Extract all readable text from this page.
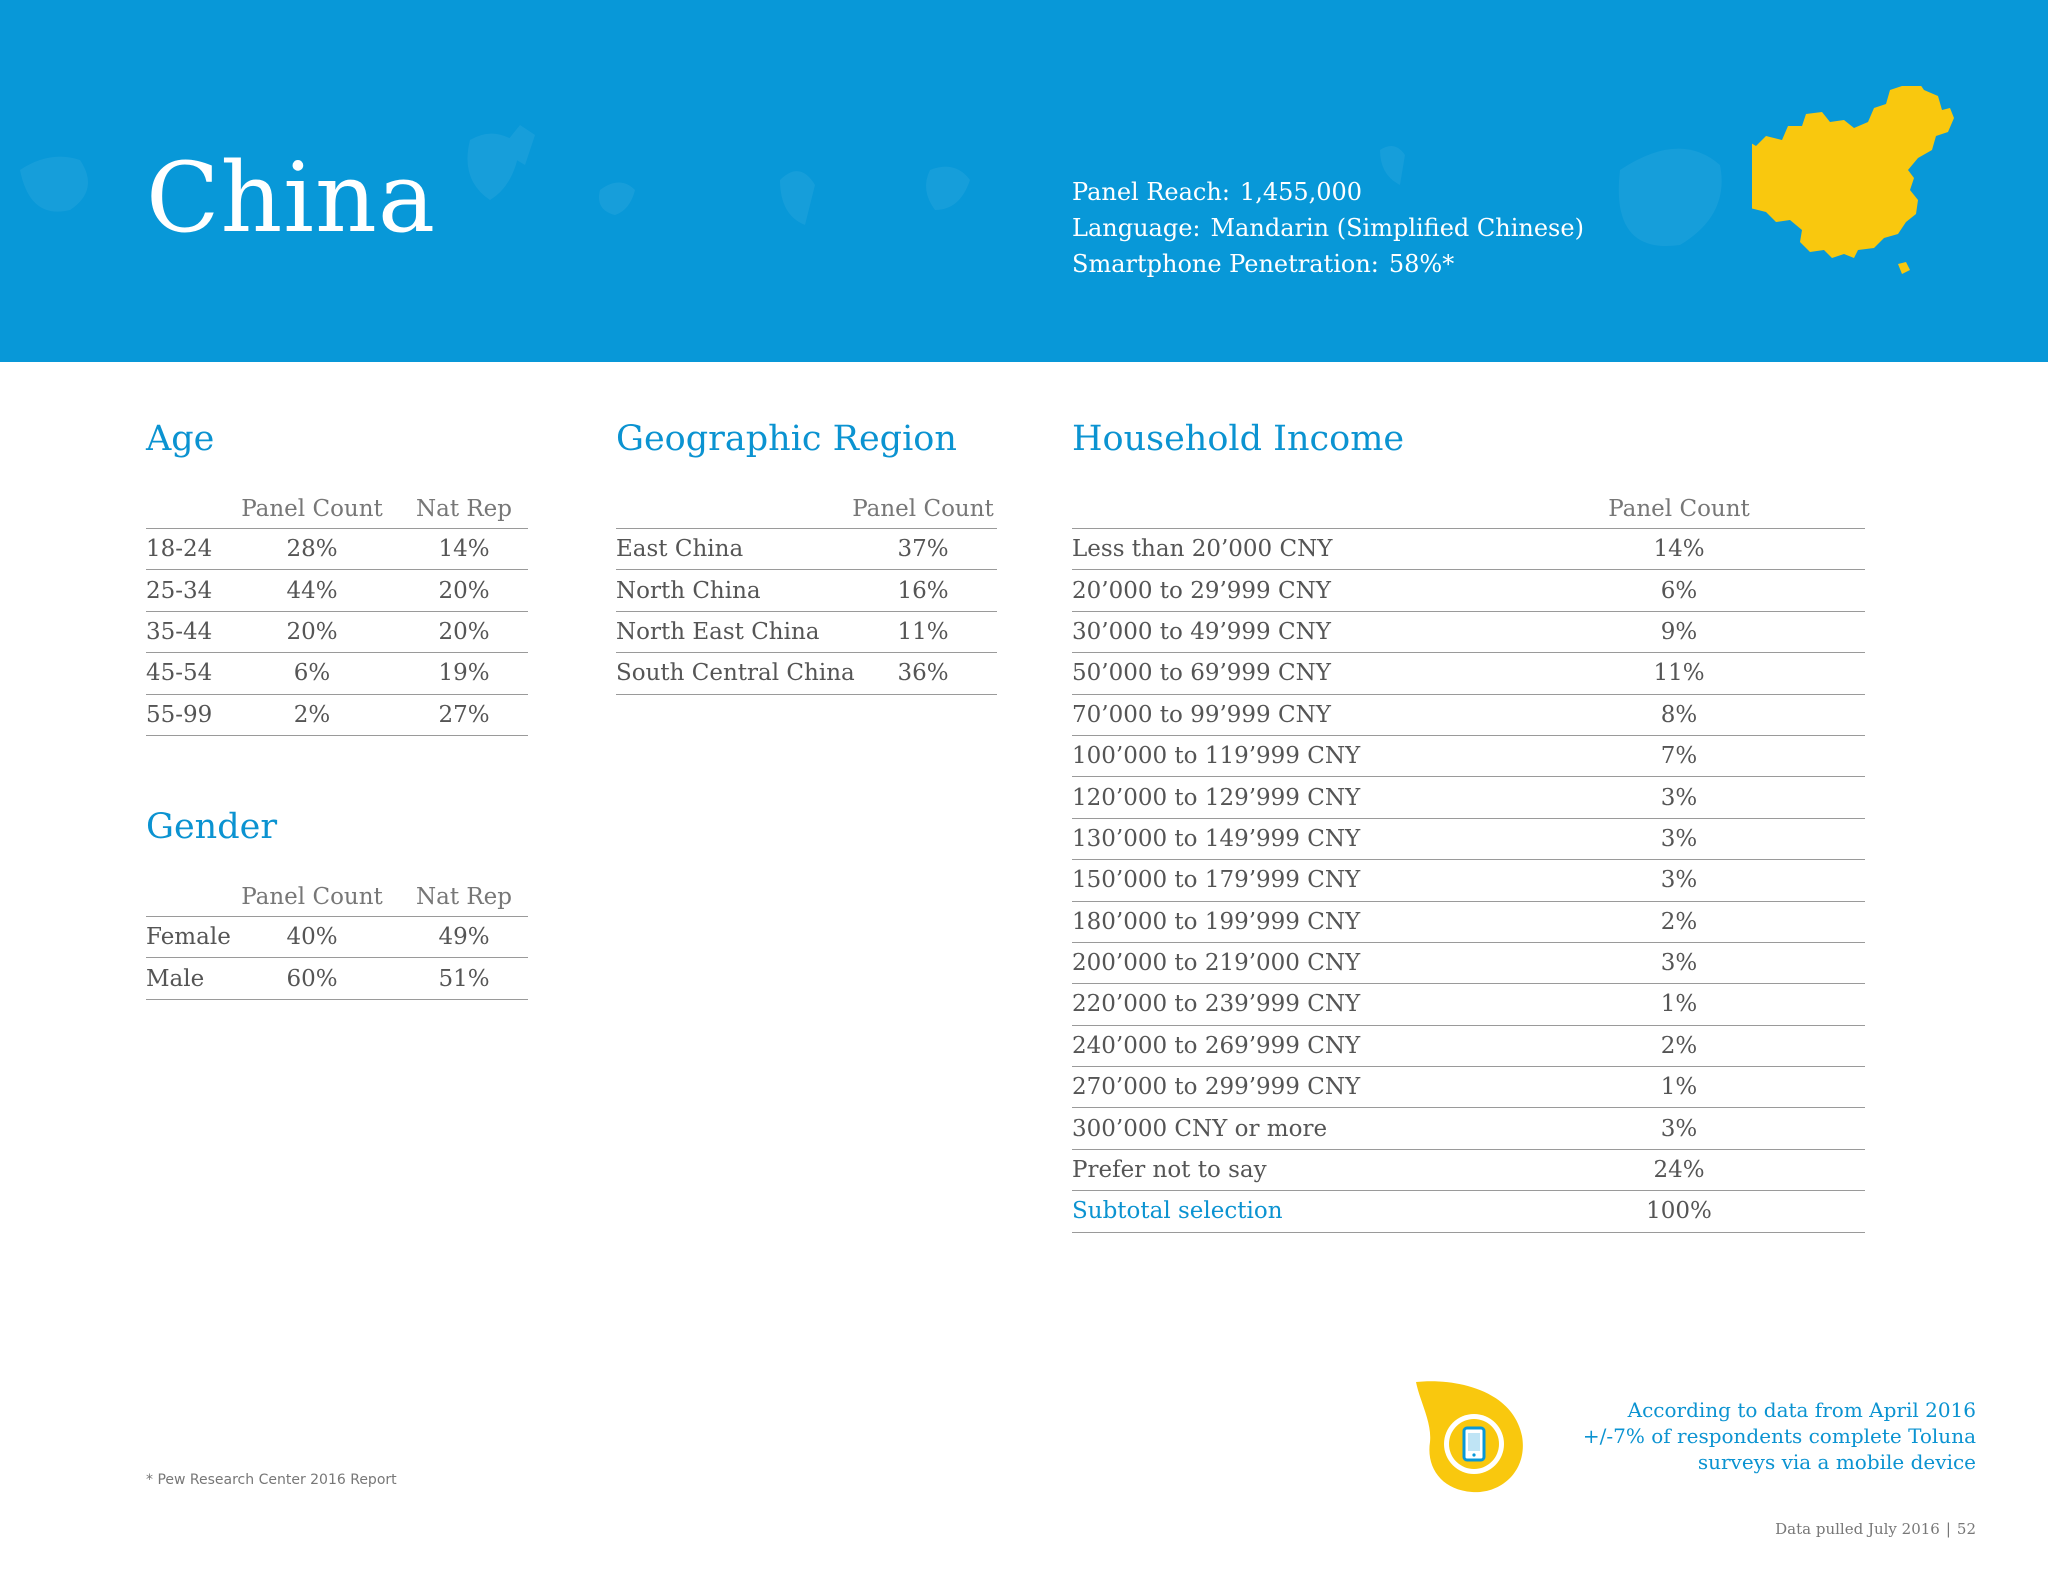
China	Panel Reach: 1,455,000
Language: Mandarin (Simplified Chinese)
Smartphone Penetration: 58%*
Age
Panel Count Nat Rep
18-24	28%	14%
25-34	44%	20%
35-44	20%	20%
45-54	6%	19%
55-99	2%	27%
Gender
Panel Count Nat Rep
Female 40%	49%
Male	60%	51%
Geographic Region
Panel Count
East China	37%
North China	16%
North East China	11%
South Central China 36%
Household Income
Panel Count
Less than 20’000 CNY	14%
20’000 to 29’999 CNY	6%
30’000 to 49’999 CNY	9%
50’000 to 69’999 CNY	11%
70’000 to 99’999 CNY	8%
100’000 to 119’999 CNY	7%
120’000 to 129’999 CNY	3%
130’000 to 149’999 CNY	3%
150’000 to 179’999 CNY	3%
180’000 to 199’999 CNY	2%
200’000 to 219’000 CNY	3%
220’000 to 239’999 CNY	1%
240’000 to 269’999 CNY	2%
270’000 to 299’999 CNY	1%
300’000 CNY or more	3%
Prefer not to say	24%
Subtotal selection	100%
* Pew Research Center 2016 Report
According to data from April 2016
+/-7% of respondents complete Toluna
surveys via a mobile device
Data pulled July 2016 | 52
